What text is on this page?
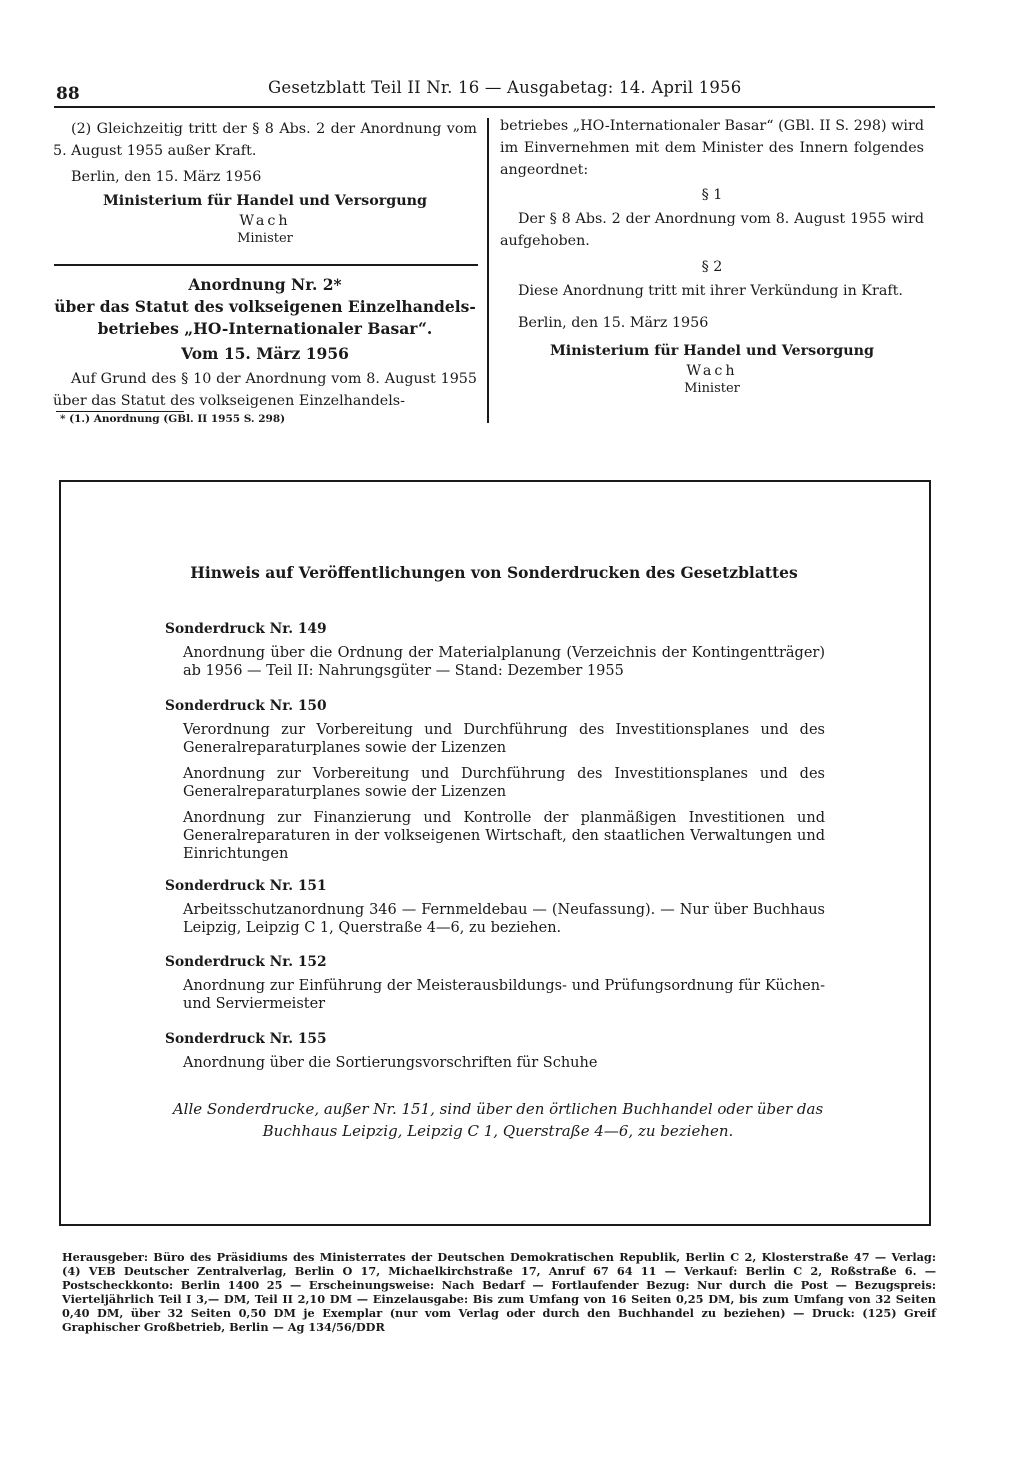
88	Gesetzblatt Teil II Nr. 16 — Ausgabetag: 14. April 1956

(2) Gleichzeitig tritt der § 8 Abs. 2 der Anordnung vom 5. August 1955 außer Kraft.

Berlin, den 15. März 1956

Ministerium für Handel und Versorgung

Wach

Minister

Anordnung Nr. 2*

über das Statut des volkseigenen Einzelhandels-

betriebes „HO-Internationaler Basar“.

Vom 15. März 1956

Auf Grund des § 10 der Anordnung vom 8. August 1955 über das Statut des volkseigenen Einzelhandels-

* (1.) Anordnung (GBl. II 1955 S. 298)

betriebes „HO-Internationaler Basar“ (GBl. II S. 298) wird im Einvernehmen mit dem Minister des Innern folgendes angeordnet:

§ 1

Der § 8 Abs. 2 der Anordnung vom 8. August 1955 wird aufgehoben.

§ 2

Diese Anordnung tritt mit ihrer Verkündung in Kraft.

Berlin, den 15. März 1956

Ministerium für Handel und Versorgung

Wach

Minister

Hinweis auf Veröffentlichungen von Sonderdrucken des Gesetzblattes
Sonderdruck Nr. 149
Anordnung über die Ordnung der Materialplanung (Verzeichnis der Kontingentträger) ab 1956 — Teil II: Nahrungsgüter — Stand: Dezember 1955
Sonderdruck Nr. 150
Verordnung zur Vorbereitung und Durchführung des Investitionsplanes und des Generalreparaturplanes sowie der Lizenzen
Anordnung zur Vorbereitung und Durchführung des Investitionsplanes und des Generalreparaturplanes sowie der Lizenzen
Anordnung zur Finanzierung und Kontrolle der planmäßigen Investitionen und Generalreparaturen in der volkseigenen Wirtschaft, den staatlichen Verwaltungen und Einrichtungen
Sonderdruck Nr. 151
Arbeitsschutzanordnung 346 — Fernmeldebau — (Neufassung). — Nur über Buchhaus Leipzig, Leipzig C 1, Querstraße 4—6, zu beziehen.
Sonderdruck Nr. 152
Anordnung zur Einführung der Meisterausbildungs- und Prüfungsordnung für Küchen- und Serviermeister
Sonderdruck Nr. 155
Anordnung über die Sortierungsvorschriften für Schuhe
Alle Sonderdrucke, außer Nr. 151, sind über den örtlichen Buchhandel oder über das Buchhaus Leipzig, Leipzig C 1, Querstraße 4—6, zu beziehen.
Herausgeber: Büro des Präsidiums des Ministerrates der Deutschen Demokratischen Republik, Berlin C 2, Klosterstraße 47 — Verlag: (4) VEB Deutscher Zentralverlag, Berlin O 17, Michaelkirchstraße 17, Anruf 67 64 11 — Verkauf: Berlin C 2, Roßstraße 6. — Postscheckkonto: Berlin 1400 25 — Erscheinungsweise: Nach Bedarf — Fortlaufender Bezug: Nur durch die Post — Bezugspreis: Vierteljährlich Teil I 3,— DM, Teil II 2,10 DM — Einzelausgabe: Bis zum Umfang von 16 Seiten 0,25 DM, bis zum Umfang von 32 Seiten 0,40 DM, über 32 Seiten 0,50 DM je Exemplar (nur vom Verlag oder durch den Buchhandel zu beziehen) — Druck: (125) Greif Graphischer Großbetrieb, Berlin — Ag 134/56/DDR
